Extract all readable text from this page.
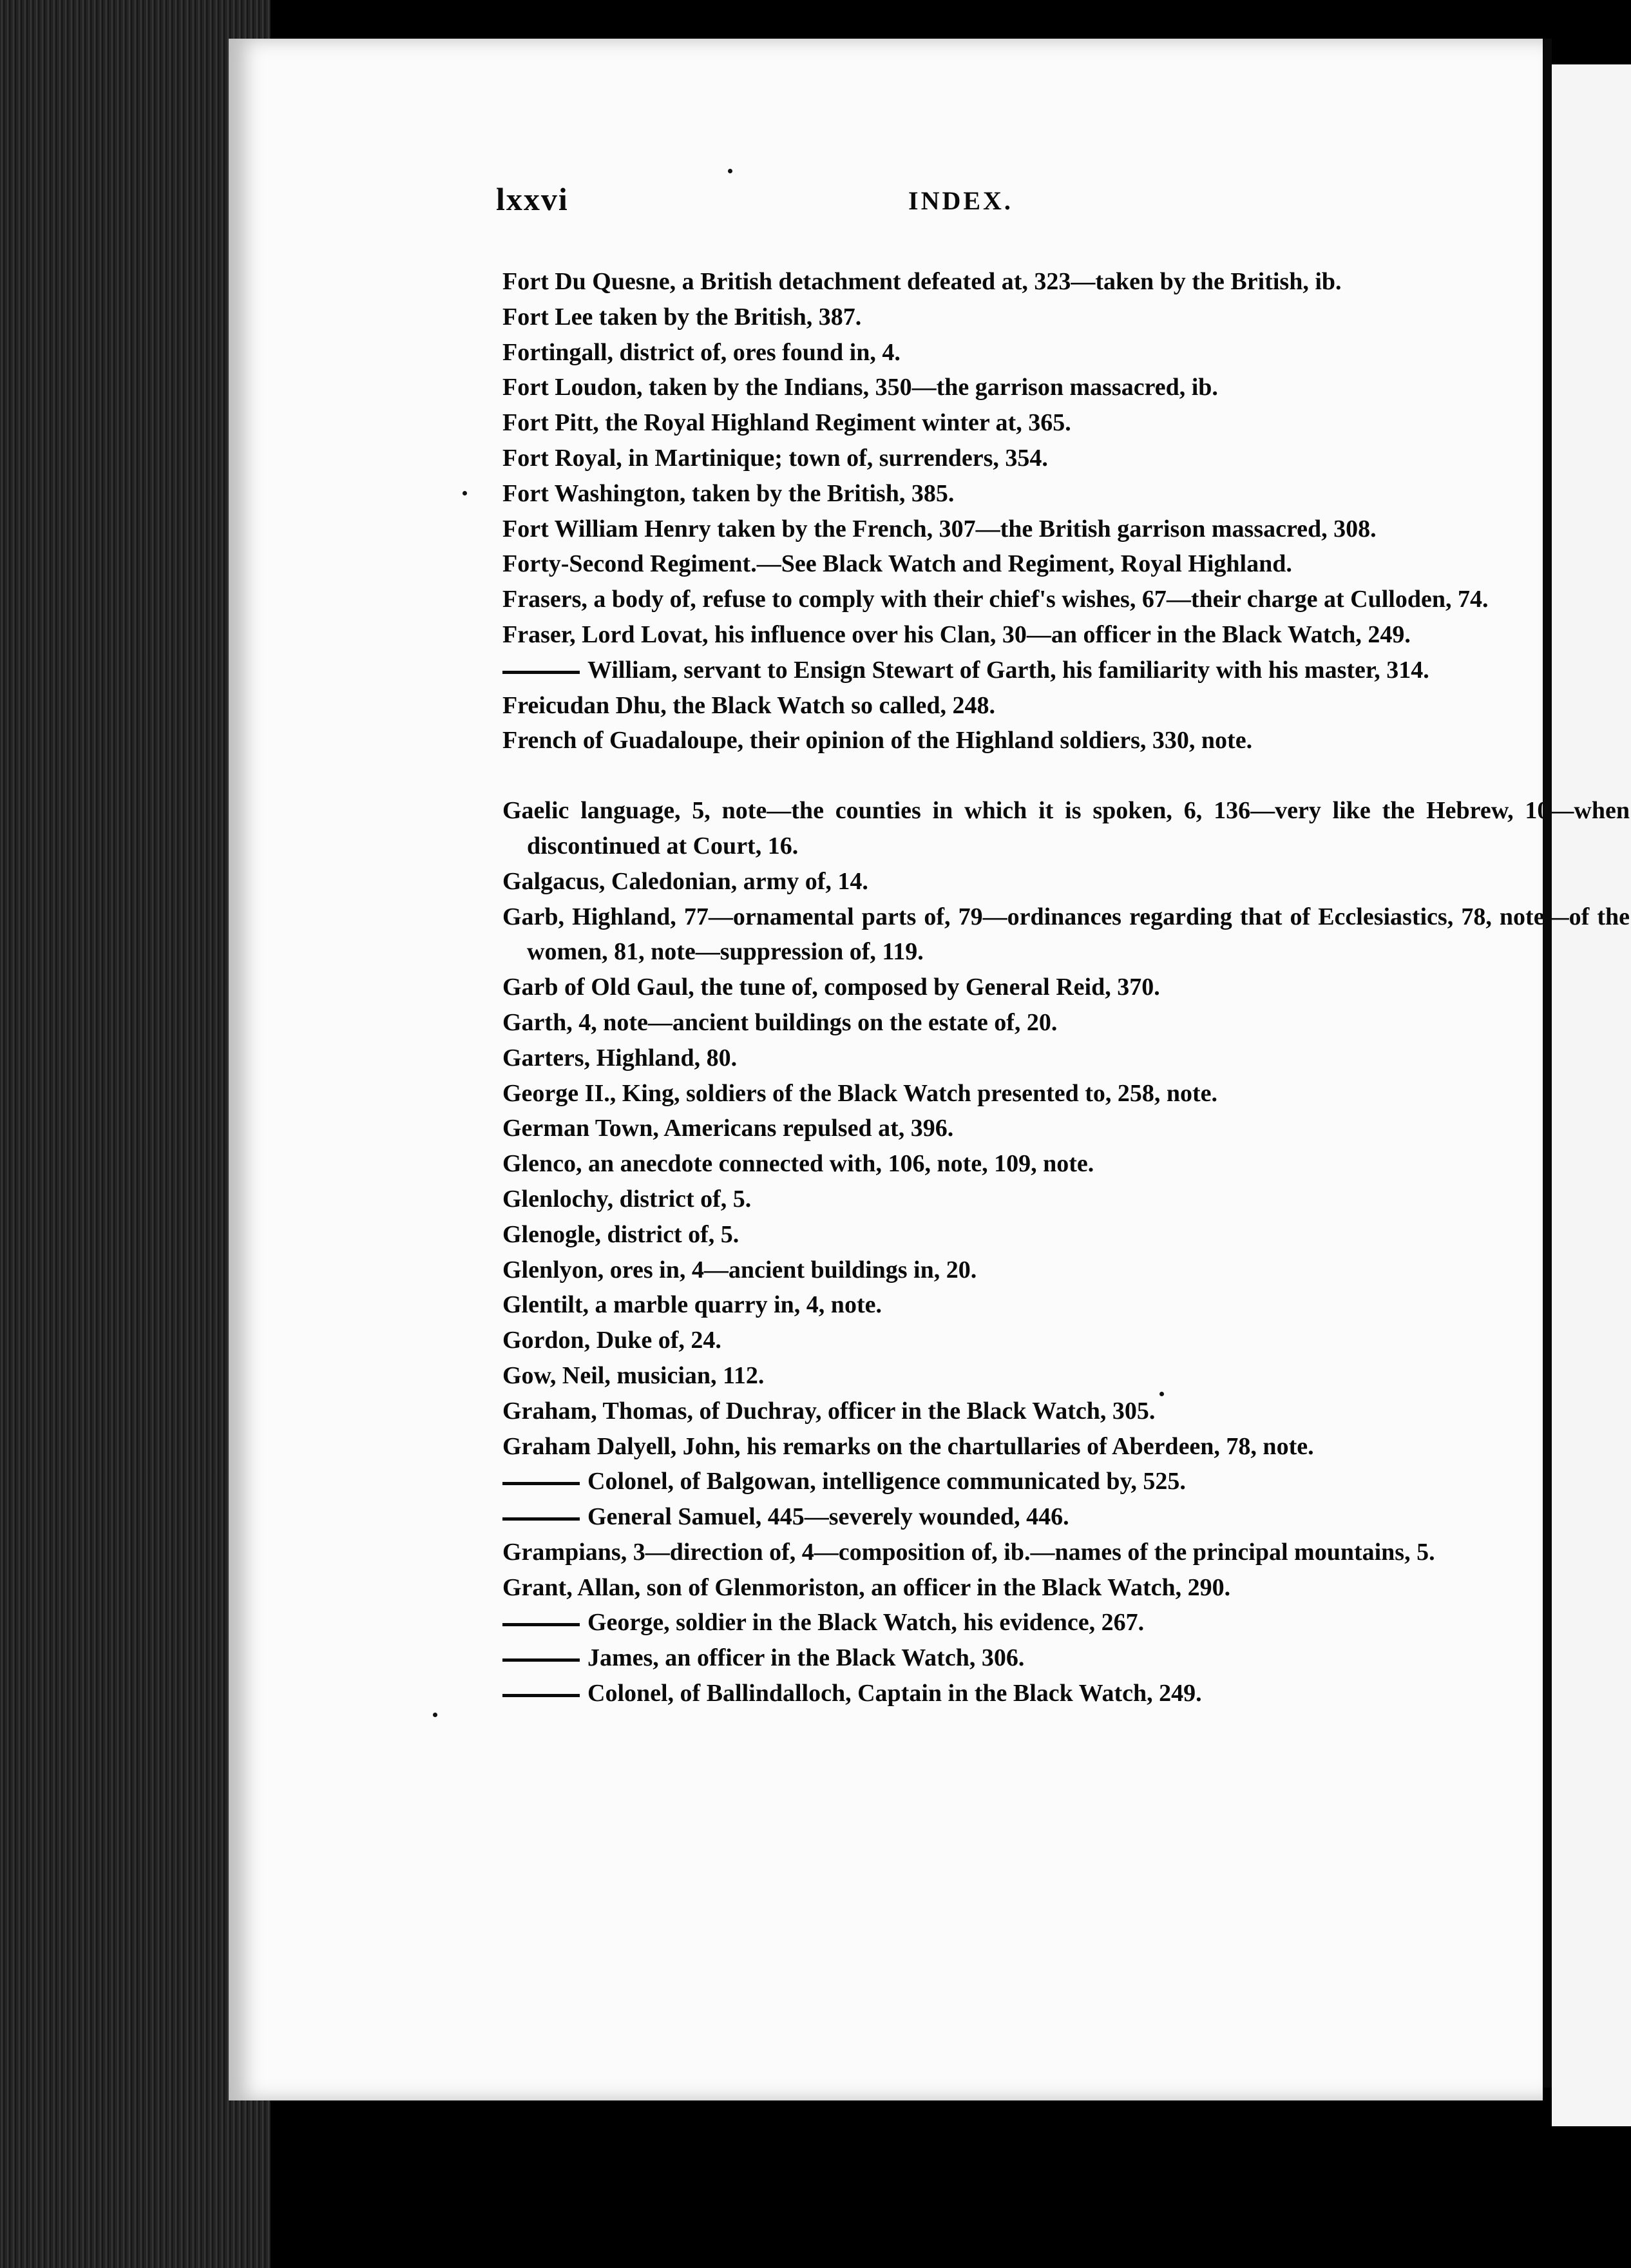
lxxvi	INDEX.
Fort Du Quesne, a British detachment defeated at, 323—taken by the British, ib.
Fort Lee taken by the British, 387.
Fortingall, district of, ores found in, 4.
Fort Loudon, taken by the Indians, 350—the garrison massacred, ib.
Fort Pitt, the Royal Highland Regiment winter at, 365.
Fort Royal, in Martinique; town of, surrenders, 354.
Fort Washington, taken by the British, 385.
Fort William Henry taken by the French, 307—the British garrison massacred, 308.
Forty-Second Regiment.—See Black Watch and Regiment, Royal Highland.
Frasers, a body of, refuse to comply with their chief's wishes, 67—their charge at Culloden, 74.
Fraser, Lord Lovat, his influence over his Clan, 30—an officer in the Black Watch, 249.
William, servant to Ensign Stewart of Garth, his familiarity with his master, 314.
Freicudan Dhu, the Black Watch so called, 248.
French of Guadaloupe, their opinion of the Highland soldiers, 330, note.
Gaelic language, 5, note—the counties in which it is spoken, 6, 136—very like the Hebrew, 10—when discontinued at Court, 16.
Galgacus, Caledonian, army of, 14.
Garb, Highland, 77—ornamental parts of, 79—ordinances regarding that of Ecclesiastics, 78, note—of the women, 81, note—suppression of, 119.
Garb of Old Gaul, the tune of, composed by General Reid, 370.
Garth, 4, note—ancient buildings on the estate of, 20.
Garters, Highland, 80.
George II., King, soldiers of the Black Watch presented to, 258, note.
German Town, Americans repulsed at, 396.
Glenco, an anecdote connected with, 106, note, 109, note.
Glenlochy, district of, 5.
Glenogle, district of, 5.
Glenlyon, ores in, 4—ancient buildings in, 20.
Glentilt, a marble quarry in, 4, note.
Gordon, Duke of, 24.
Gow, Neil, musician, 112.
Graham, Thomas, of Duchray, officer in the Black Watch, 305.
Graham Dalyell, John, his remarks on the chartullaries of Aberdeen, 78, note.
Colonel, of Balgowan, intelligence communicated by, 525.
General Samuel, 445—severely wounded, 446.
Grampians, 3—direction of, 4—composition of, ib.—names of the principal mountains, 5.
Grant, Allan, son of Glenmoriston, an officer in the Black Watch, 290.
George, soldier in the Black Watch, his evidence, 267.
James, an officer in the Black Watch, 306.
Colonel, of Ballindalloch, Captain in the Black Watch, 249.
